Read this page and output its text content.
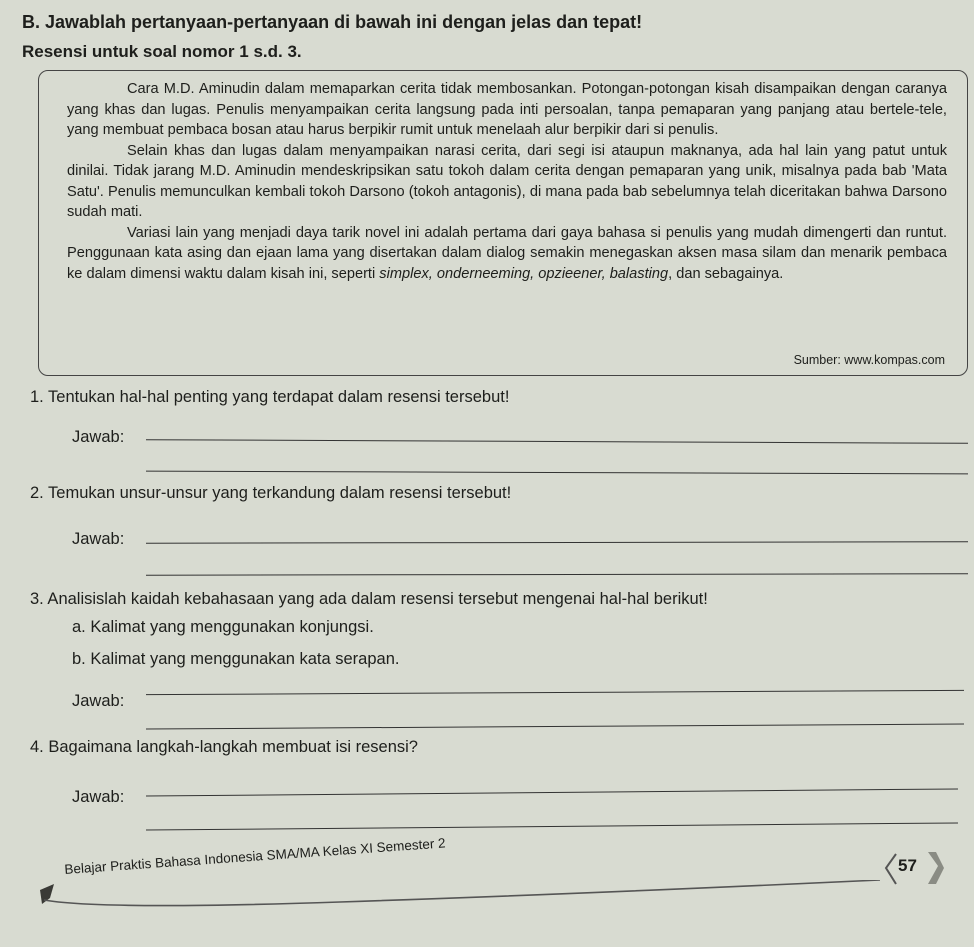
B. Jawablah pertanyaan-pertanyaan di bawah ini dengan jelas dan tepat!
Resensi untuk soal nomor 1 s.d. 3.

Cara M.D. Aminudin dalam memaparkan cerita tidak membosankan. Potongan-potongan kisah disampaikan dengan caranya yang khas dan lugas. Penulis menyampaikan cerita langsung pada inti persoalan, tanpa pemaparan yang panjang atau bertele-tele, yang membuat pembaca bosan atau harus berpikir rumit untuk menelaah alur berpikir dari si penulis.

Selain khas dan lugas dalam menyampaikan narasi cerita, dari segi isi ataupun maknanya, ada hal lain yang patut untuk dinilai. Tidak jarang M.D. Aminudin mendeskripsikan satu tokoh dalam cerita dengan pemaparan yang unik, misalnya pada bab 'Mata Satu'. Penulis memunculkan kembali tokoh Darsono (tokoh antagonis), di mana pada bab sebelumnya telah diceritakan bahwa Darsono sudah mati.

Variasi lain yang menjadi daya tarik novel ini adalah pertama dari gaya bahasa si penulis yang mudah dimengerti dan runtut. Penggunaan kata asing dan ejaan lama yang disertakan dalam dialog semakin menegaskan aksen masa silam dan menarik pembaca ke dalam dimensi waktu dalam kisah ini, seperti simplex, onderneeming, opzieener, balasting, dan sebagainya.

Sumber: www.kompas.com
1. Tentukan hal-hal penting yang terdapat dalam resensi tersebut!
Jawab:
2. Temukan unsur-unsur yang terkandung dalam resensi tersebut!
Jawab:
3. Analisislah kaidah kebahasaan yang ada dalam resensi tersebut mengenai hal-hal berikut!
a. Kalimat yang menggunakan konjungsi.
b. Kalimat yang menggunakan kata serapan.
Jawab:
4. Bagaimana langkah-langkah membuat isi resensi?
Jawab:
Belajar Praktis Bahasa Indonesia SMA/MA Kelas XI Semester 2	57
